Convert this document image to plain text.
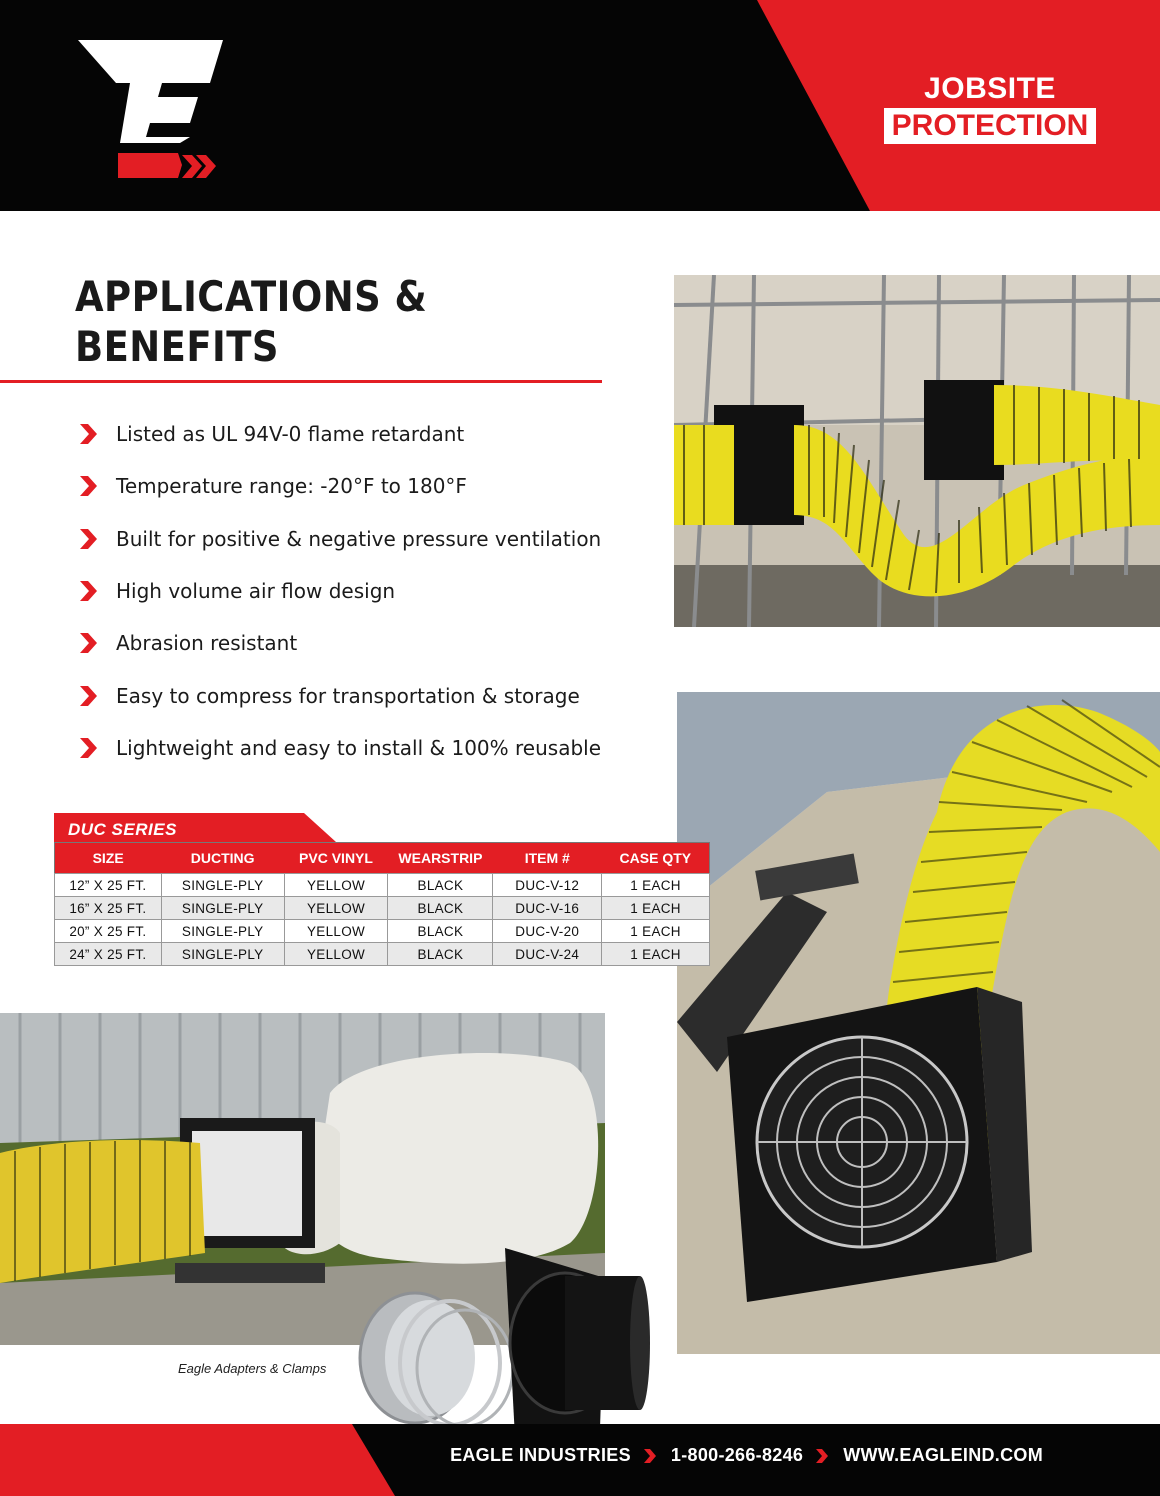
JOBSITE
PROTECTION
APPLICATIONS &
BENEFITS
Listed as UL 94V-0 flame retardant
Temperature range: -20°F to 180°F
Built for positive & negative pressure ventilation
High volume air flow design
Abrasion resistant
Easy to compress for transportation & storage
Lightweight and easy to install & 100% reusable
DUC SERIES
SIZE	DUCTING	PVC VINYL	WEARSTRIP	ITEM #	CASE QTY
12” X 25 FT.	SINGLE-PLY	YELLOW	BLACK	DUC-V-12	1 EACH
16” X 25 FT.	SINGLE-PLY	YELLOW	BLACK	DUC-V-16	1 EACH
20” X 25 FT.	SINGLE-PLY	YELLOW	BLACK	DUC-V-20	1 EACH
24” X 25 FT.	SINGLE-PLY	YELLOW	BLACK	DUC-V-24	1 EACH
Eagle Adapters & Clamps
EAGLE INDUSTRIES 1-800-266-8246 WWW.EAGLEIND.COM
